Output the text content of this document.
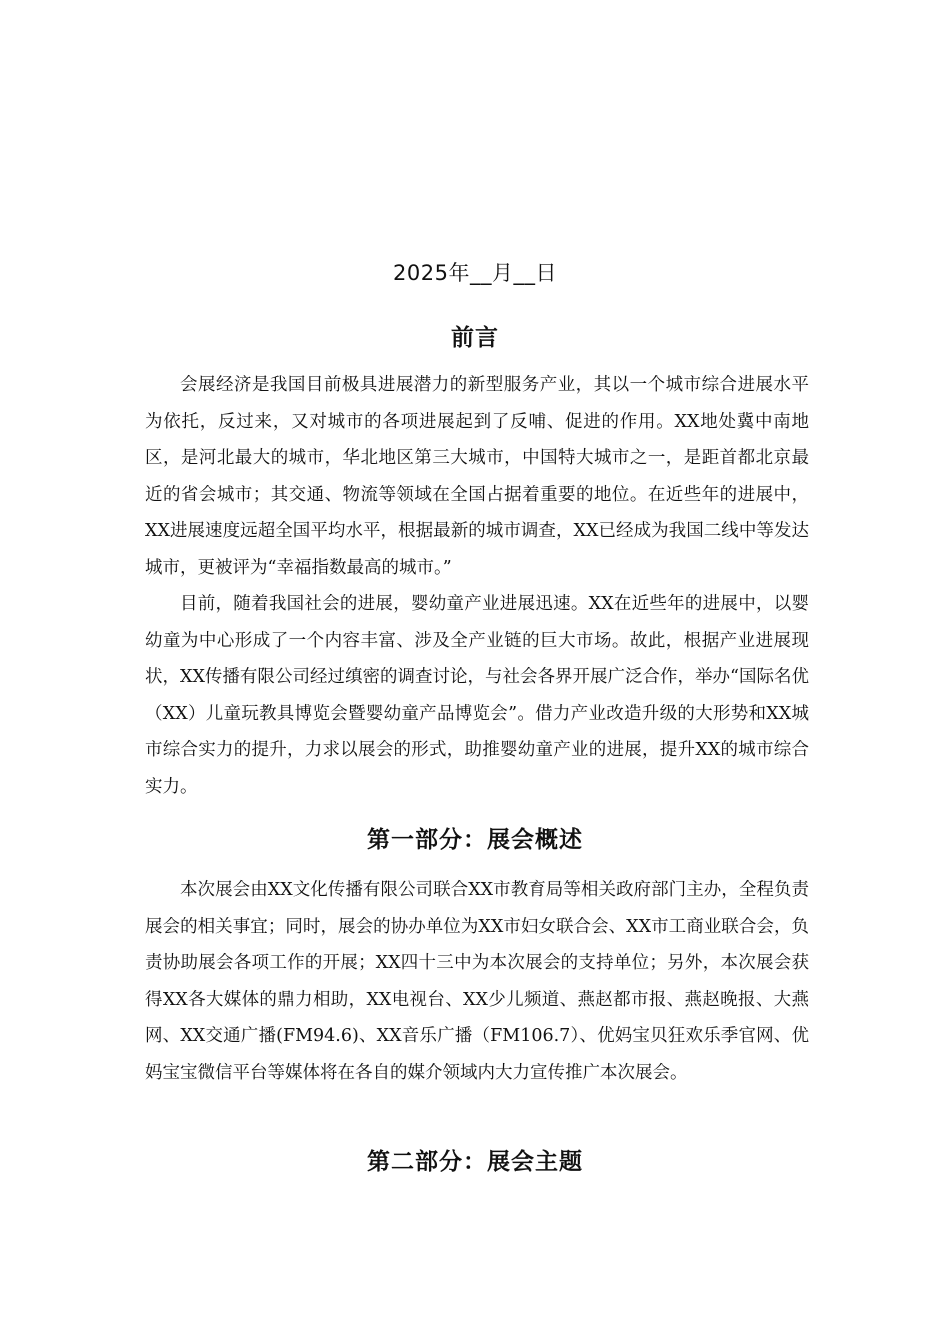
2025年__月__日
前言

会展经济是我国目前极具进展潜力的新型服务产业，其以一个城市综合进展水平为依托，反过来，又对城市的各项进展起到了反哺、促进的作用。XX地处冀中南地区，是河北最大的城市，华北地区第三大城市，中国特大城市之一，是距首都北京最近的省会城市；其交通、物流等领域在全国占据着重要的地位。在近些年的进展中，XX进展速度远超全国平均水平，根据最新的城市调查，XX已经成为我国二线中等发达城市，更被评为“幸福指数最高的城市。”

目前，随着我国社会的进展，婴幼童产业进展迅速。XX在近些年的进展中，以婴幼童为中心形成了一个内容丰富、涉及全产业链的巨大市场。故此，根据产业进展现状，XX传播有限公司经过缜密的调查讨论，与社会各界开展广泛合作，举办“国际名优（XX）儿童玩教具博览会暨婴幼童产品博览会”。借力产业改造升级的大形势和XX城市综合实力的提升，力求以展会的形式，助推婴幼童产业的进展，提升XX的城市综合实力。

第一部分：展会概述

本次展会由XX文化传播有限公司联合XX市教育局等相关政府部门主办，全程负责展会的相关事宜；同时，展会的协办单位为XX市妇女联合会、XX市工商业联合会，负责协助展会各项工作的开展；XX四十三中为本次展会的支持单位；另外，本次展会获得XX各大媒体的鼎力相助，XX电视台、XX少儿频道、燕赵都市报、燕赵晚报、大燕网、XX交通广播(FM94.6)、XX音乐广播（FM106.7）、优妈宝贝狂欢乐季官网、优妈宝宝微信平台等媒体将在各自的媒介领域内大力宣传推广本次展会。

第二部分：展会主题
